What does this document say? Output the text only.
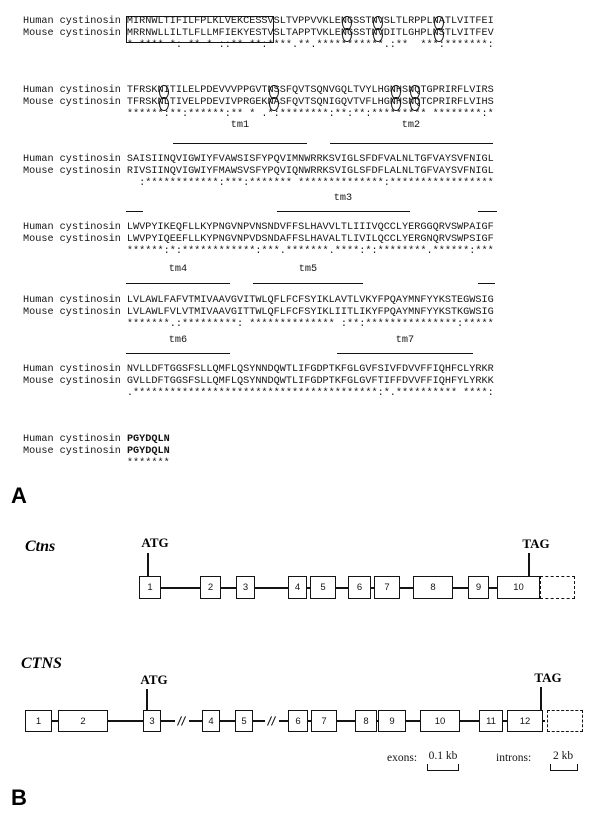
Human cystinosin MIRNWLTIFILFPLKLVEKCESSVSLTVPPVVKLENGSSTNVSLTLRPPLNATLVITFEI
Mouse cystinosin MRRNWLLILTLFLLMFIEKYESTVSLTAPPTVKLENGSSTNVDITLGHPLNSTLVITFEV
* **** *: ** * ::** **:****.**.***********.:**  ***:*******:
Human cystinosin TFRSKNITILELPDEVVVPPGVTNSSFQVTSQNVGQLTVYLHGNHSNQTGPRIRFLVIRS
Mouse cystinosin TFRSKNLTIVELPDEVIVPRGEKNASFQVTSQNIGQVTVFLHGNHSNQTCPRIRFLVIHS
******:**:******:** * .*:********:**:**:********* ********:*
Human cystinosin SAISIINQVIGWIYFVAWSISFYPQVIMNWRRKSVIGLSFDFVALNLTGFVAYSVFNIGL
Mouse cystinosin RIVSIINQVIGWIYFMAWSVSFYPQVIQNWRRKSVIGLSFDFLALNLTGFVAYSVFNIGL
:************:***:******* **************:*****************
Human cystinosin LWVPYIKEQFLLKYPNGVNPVNSNDVFFSLHAVVLTLIIIVQCCLYERGGQRVSWPAIGF
Mouse cystinosin LWVPYIQEEFLLKYPNGVNPVDSNDAFFSLHAVALTLIVILQCCLYERGNQRVSWPSIGF
******:*:************:***.*******.****:*:********.******:***
Human cystinosin LVLAWLFAFVTMIVAAVGVITWLQFLFCFSYIKLAVTLVKYFPQAYMNFYYKSTEGWSIG
Mouse cystinosin LVLAWLFVLVTMIVAAVGITTWLQFLFCFSYIKLIITLIKYFPQAYMNFYYKSTKGWSIG
*******.:*********: ************** :**:***************:*****
Human cystinosin NVLLDFTGGSFSLLQMFLQSYNNDQWTLIFGDPTKFGLGVFSIVFDVVFFIQHFCLYRKR
Mouse cystinosin GVLLDFTGGSFSLLQMFLQSYNNDQWTLIFGDPTKFGLGVFTIFFDVVFFIQHFYLYRKK
.****************************************:*.********** ****:
Human cystinosin PGYDQLN
Mouse cystinosin PGYDQLN
*******
tm1	tm2
tm3
tm4	tm5
tm6	tm7
A
Ctns	ATG	TAG
1	2	3	4	5	6	7	8	9	10
CTNS
ATG	TAG
1	2	3	4	5	6	7	8	9	10	11	12
exons: 0.1 kb	introns:	2 kb
B
